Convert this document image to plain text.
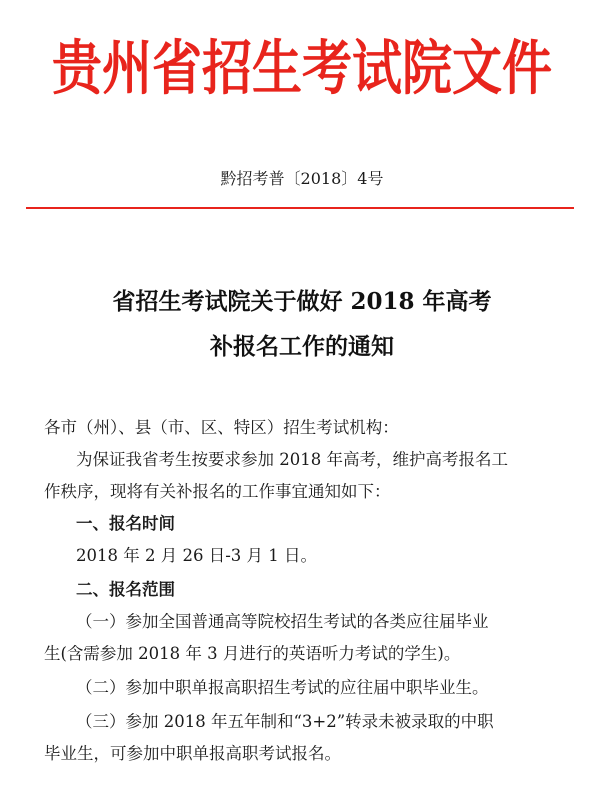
贵州省招生考试院文件
黔招考普〔2018〕4号
省招生考试院关于做好 2018 年高考
补报名工作的通知
各市（州）、县（市、区、特区）招生考试机构：
为保证我省考生按要求参加 2018 年高考，维护高考报名工
作秩序，现将有关补报名的工作事宜通知如下：
一、报名时间
2018 年 2 月 26 日-3 月 1 日。
二、报名范围
（一）参加全国普通高等院校招生考试的各类应往届毕业
生(含需参加 2018 年 3 月进行的英语听力考试的学生)。
（二）参加中职单报高职招生考试的应往届中职毕业生。
（三）参加 2018 年五年制和“3+2”转录未被录取的中职
毕业生，可参加中职单报高职考试报名。
